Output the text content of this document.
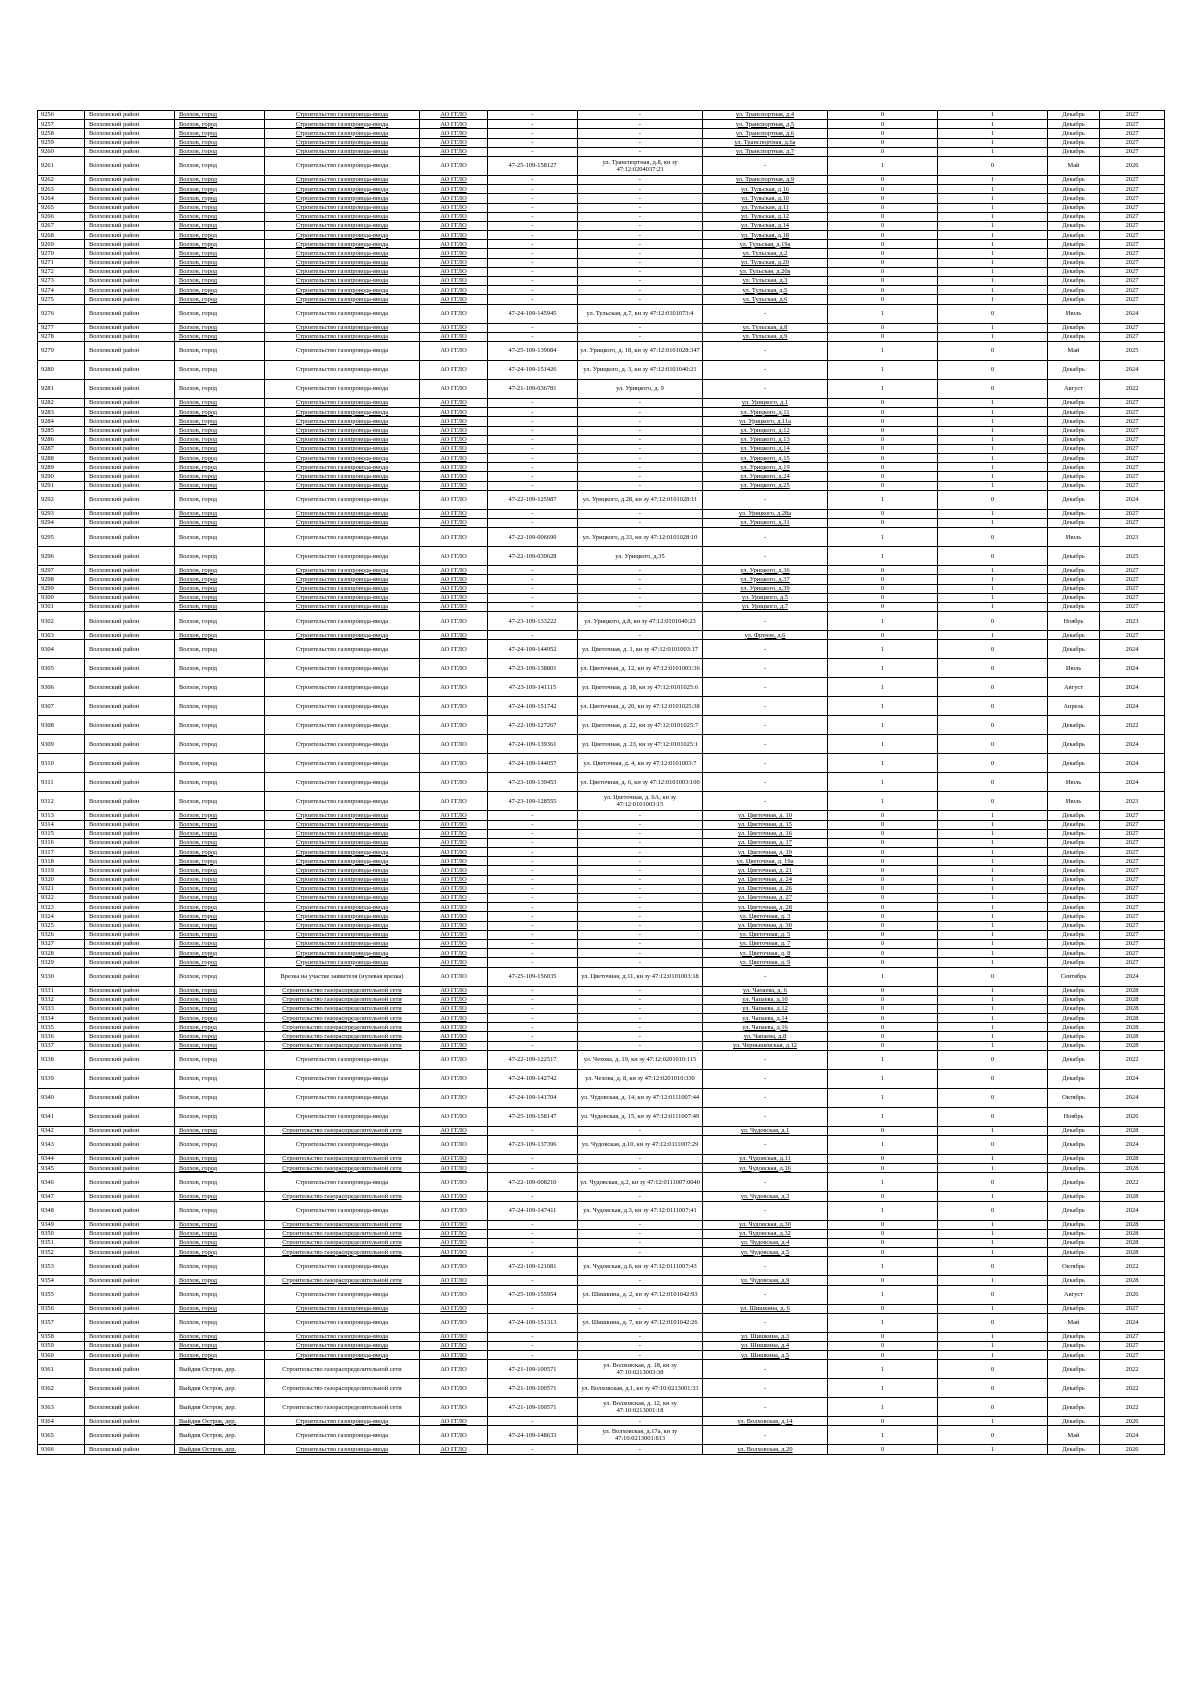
9256	Волховский район	Волхов, город	Строительство газопровода-ввода	АО ГГЛО	-	-	ул. Транспортная, д.4	0	1	Декабрь	2027
9257	Волховский район	Волхов, город	Строительство газопровода-ввода	АО ГГЛО	-	-	ул. Транспортная, д.5	0	1	Декабрь	2027
9258	Волховский район	Волхов, город	Строительство газопровода-ввода	АО ГГЛО	-	-	ул. Транспортная, д.6	0	1	Декабрь	2027
9259	Волховский район	Волхов, город	Строительство газопровода-ввода	АО ГГЛО	-	-	ул. Транспортная, д.6а	0	1	Декабрь	2027
9260	Волховский район	Волхов, город	Строительство газопровода-ввода	АО ГГЛО	-	-	ул. Транспортная, д.7	0	1	Декабрь	2027
9261	Волховский район	Волхов, город	Строительство газопровода-ввода	АО ГГЛО	47-25-109-158127	ул. Транспортная, д.8, кн зу 47:12:0204037:23	-	1	0	Май	2026
9262	Волховский район	Волхов, город	Строительство газопровода-ввода	АО ГГЛО	-	-	ул. Транспортная, д.9	0	1	Декабрь	2027
9263	Волховский район	Волхов, город	Строительство газопровода-ввода	АО ГГЛО	-	-	ул. Тульская, д.16	0	1	Декабрь	2027
9264	Волховский район	Волхов, город	Строительство газопровода-ввода	АО ГГЛО	-	-	ул. Тульская, д.10	0	1	Декабрь	2027
9265	Волховский район	Волхов, город	Строительство газопровода-ввода	АО ГГЛО	-	-	ул. Тульская, д.11	0	1	Декабрь	2027
9266	Волховский район	Волхов, город	Строительство газопровода-ввода	АО ГГЛО	-	-	ул. Тульская, д.12	0	1	Декабрь	2027
9267	Волховский район	Волхов, город	Строительство газопровода-ввода	АО ГГЛО	-	-	ул. Тульская, д.14	0	1	Декабрь	2027
9268	Волховский район	Волхов, город	Строительство газопровода-ввода	АО ГГЛО	-	-	ул. Тульская, д.18	0	1	Декабрь	2027
9269	Волховский район	Волхов, город	Строительство газопровода-ввода	АО ГГЛО	-	-	ул. Тульская, д.19а	0	1	Декабрь	2027
9270	Волховский район	Волхов, город	Строительство газопровода-ввода	АО ГГЛО	-	-	ул. Тульская, д.2	0	1	Декабрь	2027
9271	Волховский район	Волхов, город	Строительство газопровода-ввода	АО ГГЛО	-	-	ул. Тульская, д.20	0	1	Декабрь	2027
9272	Волховский район	Волхов, город	Строительство газопровода-ввода	АО ГГЛО	-	-	ул. Тульская, д.20а	0	1	Декабрь	2027
9273	Волховский район	Волхов, город	Строительство газопровода-ввода	АО ГГЛО	-	-	ул. Тульская, д.3	0	1	Декабрь	2027
9274	Волховский район	Волхов, город	Строительство газопровода-ввода	АО ГГЛО	-	-	ул. Тульская, д.5	0	1	Декабрь	2027
9275	Волховский район	Волхов, город	Строительство газопровода-ввода	АО ГГЛО	-	-	ул. Тульская, д.6	0	1	Декабрь	2027
9276	Волховский район	Волхов, город	Строительство газопровода-ввода	АО ГГЛО	47-24-109-145945	ул. Тульская, д.7, кн зу 47:12:0101073:4	-	1	0	Июль	2024
9277	Волховский район	Волхов, город	Строительство газопровода-ввода	АО ГГЛО	-	-	ул. Тульская, д.8	0	1	Декабрь	2027
9278	Волховский район	Волхов, город	Строительство газопровода-ввода	АО ГГЛО	-	-	ул. Тульская, д.9	0	1	Декабрь	2027
9279	Волховский район	Волхов, город	Строительство газопровода-ввода	АО ГГЛО	47-25-109-139084	ул. Урицкого, д. 18, кн зу 47:12:0101028:347	-	1	0	Май	2025
9280	Волховский район	Волхов, город	Строительство газопровода-ввода	АО ГГЛО	47-24-109-151426	ул. Урицкого, д. 3, кн зу 47:12:0101040:21	-	1	0	Декабрь	2024
9281	Волховский район	Волхов, город	Строительство газопровода-ввода	АО ГГЛО	47-21-109-036781	ул. Урицкого, д. 9	-	1	0	Август	2022
9282	Волховский район	Волхов, город	Строительство газопровода-ввода	АО ГГЛО	-	-	ул. Урицкого, д.1	0	1	Декабрь	2027
9283	Волховский район	Волхов, город	Строительство газопровода-ввода	АО ГГЛО	-	-	ул. Урицкого, д.11	0	1	Декабрь	2027
9284	Волховский район	Волхов, город	Строительство газопровода-ввода	АО ГГЛО	-	-	ул. Урицкого, д.11а	0	1	Декабрь	2027
9285	Волховский район	Волхов, город	Строительство газопровода-ввода	АО ГГЛО	-	-	ул. Урицкого, д.12	0	1	Декабрь	2027
9286	Волховский район	Волхов, город	Строительство газопровода-ввода	АО ГГЛО	-	-	ул. Урицкого, д.13	0	1	Декабрь	2027
9287	Волховский район	Волхов, город	Строительство газопровода-ввода	АО ГГЛО	-	-	ул. Урицкого, д.14	0	1	Декабрь	2027
9288	Волховский район	Волхов, город	Строительство газопровода-ввода	АО ГГЛО	-	-	ул. Урицкого, д.15	0	1	Декабрь	2027
9289	Волховский район	Волхов, город	Строительство газопровода-ввода	АО ГГЛО	-	-	ул. Урицкого, д.19	0	1	Декабрь	2027
9290	Волховский район	Волхов, город	Строительство газопровода-ввода	АО ГГЛО	-	-	ул. Урицкого, д.24	0	1	Декабрь	2027
9291	Волховский район	Волхов, город	Строительство газопровода-ввода	АО ГГЛО	-	-	ул. Урицкого, д.25	0	1	Декабрь	2027
9292	Волховский район	Волхов, город	Строительство газопровода-ввода	АО ГГЛО	47-22-109-125987	ул. Урицкого, д.28, кн зу 47:12:0101028:11	-	1	0	Декабрь	2024
9293	Волховский район	Волхов, город	Строительство газопровода-ввода	АО ГГЛО	-	-	ул. Урицкого, д.28а	0	1	Декабрь	2027
9294	Волховский район	Волхов, город	Строительство газопровода-ввода	АО ГГЛО	-	-	ул. Урицкого, д.31	0	1	Декабрь	2027
9295	Волховский район	Волхов, город	Строительство газопровода-ввода	АО ГГЛО	47-22-109-006690	ул. Урицкого, д.33, кн зу 47:12:0101028:10	-	1	0	Июль	2023
9296	Волховский район	Волхов, город	Строительство газопровода-ввода	АО ГГЛО	47-22-109-039628	ул. Урицкого, д.35	-	1	0	Декабрь	2025
9297	Волховский район	Волхов, город	Строительство газопровода-ввода	АО ГГЛО	-	-	ул. Урицкого, д.36	0	1	Декабрь	2027
9298	Волховский район	Волхов, город	Строительство газопровода-ввода	АО ГГЛО	-	-	ул. Урицкого, д.37	0	1	Декабрь	2027
9299	Волховский район	Волхов, город	Строительство газопровода-ввода	АО ГГЛО	-	-	ул. Урицкого, д.39	0	1	Декабрь	2027
9300	Волховский район	Волхов, город	Строительство газопровода-ввода	АО ГГЛО	-	-	ул. Урицкого, д.5	0	1	Декабрь	2027
9301	Волховский район	Волхов, город	Строительство газопровода-ввода	АО ГГЛО	-	-	ул. Урицкого, д.7	0	1	Декабрь	2027
9302	Волховский район	Волхов, город	Строительство газопровода-ввода	АО ГГЛО	47-23-109-133222	ул. Урицкого, д.8, кн зу 47:12:0101040:23	-	1	0	Ноябрь	2023
9303	Волховский район	Волхов, город	Строительство газопровода-ввода	АО ГГЛО	-	-	ул. Фрунзе, д.6	0	1	Декабрь	2027
9304	Волховский район	Волхов, город	Строительство газопровода-ввода	АО ГГЛО	47-24-109-144952	ул. Цветочная, д. 1, кн зу 47:12:0101003:17	-	1	0	Декабрь	2024
9305	Волховский район	Волхов, город	Строительство газопровода-ввода	АО ГГЛО	47-23-109-138801	ул. Цветочная, д. 12, кн зу 47:12:0101003:36	-	1	0	Июль	2024
9306	Волховский район	Волхов, город	Строительство газопровода-ввода	АО ГГЛО	47-23-109-141115	ул. Цветочная, д. 18, кн зу 47:12:0101025:6	-	1	0	Август	2024
9307	Волховский район	Волхов, город	Строительство газопровода-ввода	АО ГГЛО	47-24-109-151742	ул. Цветочная, д. 20, кн зу 47:12:0101025:38	-	1	0	Апрель	2024
9308	Волховский район	Волхов, город	Строительство газопровода-ввода	АО ГГЛО	47-22-109-127267	ул. Цветочная, д. 22, кн зу 47:12:0101025:7	-	1	0	Декабрь	2022
9309	Волховский район	Волхов, город	Строительство газопровода-ввода	АО ГГЛО	47-24-109-139361	ул. Цветочная, д. 23, кн зу 47:12:0101025:1	-	1	0	Декабрь	2024
9310	Волховский район	Волхов, город	Строительство газопровода-ввода	АО ГГЛО	47-24-109-144057	ул. Цветочная, д. 4, кн зу 47:12:0101003:7	-	1	0	Декабрь	2024
9311	Волховский район	Волхов, город	Строительство газопровода-ввода	АО ГГЛО	47-23-109-139453	ул. Цветочная, д. 6, кн зу 47:12:0101003:100	-	1	0	Июль	2024
9312	Волховский район	Волхов, город	Строительство газопровода-ввода	АО ГГЛО	47-23-109-128555	ул. Цветочная, д. 6А, кн зу 47:12:0101003:15	-	1	0	Июль	2023
9313	Волховский район	Волхов, город	Строительство газопровода-ввода	АО ГГЛО	-	-	ул. Цветочная, д. 10	0	1	Декабрь	2027
9314	Волховский район	Волхов, город	Строительство газопровода-ввода	АО ГГЛО	-	-	ул. Цветочная, д. 15	0	1	Декабрь	2027
9315	Волховский район	Волхов, город	Строительство газопровода-ввода	АО ГГЛО	-	-	ул. Цветочная, д. 16	0	1	Декабрь	2027
9316	Волховский район	Волхов, город	Строительство газопровода-ввода	АО ГГЛО	-	-	ул. Цветочная, д. 17	0	1	Декабрь	2027
9317	Волховский район	Волхов, город	Строительство газопровода-ввода	АО ГГЛО	-	-	ул. Цветочная, д. 19	0	1	Декабрь	2027
9318	Волховский район	Волхов, город	Строительство газопровода-ввода	АО ГГЛО	-	-	ул. Цветочная, д. 19а	0	1	Декабрь	2027
9319	Волховский район	Волхов, город	Строительство газопровода-ввода	АО ГГЛО	-	-	ул. Цветочная, д. 21	0	1	Декабрь	2027
9320	Волховский район	Волхов, город	Строительство газопровода-ввода	АО ГГЛО	-	-	ул. Цветочная, д. 24	0	1	Декабрь	2027
9321	Волховский район	Волхов, город	Строительство газопровода-ввода	АО ГГЛО	-	-	ул. Цветочная, д. 26	0	1	Декабрь	2027
9322	Волховский район	Волхов, город	Строительство газопровода-ввода	АО ГГЛО	-	-	ул. Цветочная, д. 27	0	1	Декабрь	2027
9323	Волховский район	Волхов, город	Строительство газопровода-ввода	АО ГГЛО	-	-	ул. Цветочная, д. 28	0	1	Декабрь	2027
9324	Волховский район	Волхов, город	Строительство газопровода-ввода	АО ГГЛО	-	-	ул. Цветочная, д. 3	0	1	Декабрь	2027
9325	Волховский район	Волхов, город	Строительство газопровода-ввода	АО ГГЛО	-	-	ул. Цветочная, д. 30	0	1	Декабрь	2027
9326	Волховский район	Волхов, город	Строительство газопровода-ввода	АО ГГЛО	-	-	ул. Цветочная, д. 5	0	1	Декабрь	2027
9327	Волховский район	Волхов, город	Строительство газопровода-ввода	АО ГГЛО	-	-	ул. Цветочная, д. 7	0	1	Декабрь	2027
9328	Волховский район	Волхов, город	Строительство газопровода-ввода	АО ГГЛО	-	-	ул. Цветочная, д. 8	0	1	Декабрь	2027
9329	Волховский район	Волхов, город	Строительство газопровода-ввода	АО ГГЛО	-	-	ул. Цветочная, д. 9	0	1	Декабрь	2027
9330	Волховский район	Волхов, город	Врезка на участке заявителя (нулевая врезка)	АО ГГЛО	47-25-109-156035	ул. Цветочная, д.11, кн зу 47:12:0101003:18	-	1	0	Сентябрь	2024
9331	Волховский район	Волхов, город	Строительство газораспределительной сети	АО ГГЛО	-	-	ул. Чапаева, д. 6	0	1	Декабрь	2028
9332	Волховский район	Волхов, город	Строительство газораспределительной сети	АО ГГЛО	-	-	ул. Чапаева, д.10	0	1	Декабрь	2028
9333	Волховский район	Волхов, город	Строительство газораспределительной сети	АО ГГЛО	-	-	ул. Чапаева, д.12	0	1	Декабрь	2028
9334	Волховский район	Волхов, город	Строительство газораспределительной сети	АО ГГЛО	-	-	ул. Чапаева, д.14	0	1	Декабрь	2028
9335	Волховский район	Волхов, город	Строительство газораспределительной сети	АО ГГЛО	-	-	ул. Чапаева, д.16	0	1	Декабрь	2028
9336	Волховский район	Волхов, город	Строительство газораспределительной сети	АО ГГЛО	-	-	ул. Чапаева, д.8	0	1	Декабрь	2028
9337	Волховский район	Волхов, город	Строительство газораспределительной сети	АО ГГЛО	-	-	ул. Чернышевская, д.12	0	1	Декабрь	2028
9338	Волховский район	Волхов, город	Строительство газопровода-ввода	АО ГГЛО	47-22-109-122517	ул. Чехова, д. 19, кн зу 47:12:0201010:115	-	1	0	Декабрь	2022
9339	Волховский район	Волхов, город	Строительство газопровода-ввода	АО ГГЛО	47-24-109-142742	ул. Чехова, д. 8, кн зу 47:12:0201010:330	-	1	0	Декабрь	2024
9340	Волховский район	Волхов, город	Строительство газопровода-ввода	АО ГГЛО	47-24-109-141704	ул. Чудовская, д. 14, кн зу 47:12:0111007:44	-	1	0	Октябрь	2024
9341	Волховский район	Волхов, город	Строительство газопровода-ввода	АО ГГЛО	47-25-109-158147	ул. Чудовская, д. 15, кн зу 47:12:0111007:49	-	1	0	Ноябрь	2026
9342	Волховский район	Волхов, город	Строительство газораспределительной сети	АО ГГЛО	-	-	ул. Чудовская, д.1	0	1	Декабрь	2028
9343	Волховский район	Волхов, город	Строительство газопровода-ввода	АО ГГЛО	47-23-109-137396	ул. Чудовская, д.10, кн зу 47:12:0111007:29	-	1	0	Декабрь	2024
9344	Волховский район	Волхов, город	Строительство газораспределительной сети	АО ГГЛО	-	-	ул. Чудовская, д.11	0	1	Декабрь	2028
9345	Волховский район	Волхов, город	Строительство газораспределительной сети	АО ГГЛО	-	-	ул. Чудовская, д.16	0	1	Декабрь	2028
9346	Волховский район	Волхов, город	Строительство газопровода-ввода	АО ГГЛО	47-22-109-008210	ул. Чудовская, д.2, кн зу 47:12:0111007:0040	-	1	0	Декабрь	2022
9347	Волховский район	Волхов, город	Строительство газораспределительной сети	АО ГГЛО	-	-	ул. Чудовская, д.3	0	1	Декабрь	2028
9348	Волховский район	Волхов, город	Строительство газопровода-ввода	АО ГГЛО	47-24-109-147411	ул. Чудовская, д.3, кн зу 47:12:0111007:41	-	1	0	Декабрь	2024
9349	Волховский район	Волхов, город	Строительство газораспределительной сети	АО ГГЛО	-	-	ул. Чудовская, д.30	0	1	Декабрь	2028
9350	Волховский район	Волхов, город	Строительство газораспределительной сети	АО ГГЛО	-	-	ул. Чудовская, д.32	0	1	Декабрь	2028
9351	Волховский район	Волхов, город	Строительство газораспределительной сети	АО ГГЛО	-	-	ул. Чудовская, д.4	0	1	Декабрь	2028
9352	Волховский район	Волхов, город	Строительство газораспределительной сети	АО ГГЛО	-	-	ул. Чудовская, д.5	0	1	Декабрь	2028
9353	Волховский район	Волхов, город	Строительство газопровода-ввода	АО ГГЛО	47-22-109-121081	ул. Чудовская, д.6, кн зу 47:12:0111007:43	-	1	0	Октябрь	2022
9354	Волховский район	Волхов, город	Строительство газораспределительной сети	АО ГГЛО	-	-	ул. Чудовская, д.9	0	1	Декабрь	2028
9355	Волховский район	Волхов, город	Строительство газопровода-ввода	АО ГГЛО	47-25-109-155954	ул. Шишкина, д. 2, кн зу 47:12:0101042:93	-	1	0	Август	2026
9356	Волховский район	Волхов, город	Строительство газопровода-ввода	АО ГГЛО	-	-	ул. Шишкина, д. 6	0	1	Декабрь	2027
9357	Волховский район	Волхов, город	Строительство газопровода-ввода	АО ГГЛО	47-24-109-151313	ул. Шишкина, д. 7, кн зу 47:12:0101042:26	-	1	0	Май	2024
9358	Волховский район	Волхов, город	Строительство газопровода-ввода	АО ГГЛО	-	-	ул. Шишкина, д.3	0	1	Декабрь	2027
9359	Волховский район	Волхов, город	Строительство газопровода-ввода	АО ГГЛО	-	-	ул. Шишкина, д.4	0	1	Декабрь	2027
9360	Волховский район	Волхов, город	Строительство газопровода-ввода	АО ГГЛО	-	-	ул. Шишкина, д.5	0	1	Декабрь	2027
9361	Волховский район	Выйдия Остров, дер.	Строительство газораспределительной сети	АО ГГЛО	47-21-109-100571	ул. Волховская, д. 18, кн зу 47:10:0213003:38	-	1	0	Декабрь	2022
9362	Волховский район	Выйдия Остров, дер.	Строительство газораспределительной сети	АО ГГЛО	47-21-109-100571	ул. Волховская, д.1, кн зу 47:10:0213001:33	-	1	0	Декабрь	2022
9363	Волховский район	Выйдия Остров, дер.	Строительство газораспределительной сети	АО ГГЛО	47-21-109-100571	ул. Волховская, д. 12, кн зу 47:10:0213001:18	-	1	0	Декабрь	2022
9364	Волховский район	Выйдия Остров, дер.	Строительство газопровода-ввода	АО ГГЛО	-	-	ул. Волховская, д.14	0	1	Декабрь	2026
9365	Волховский район	Выйдия Остров, дер.	Строительство газопровода-ввода	АО ГГЛО	47-24-109-148633	ул. Волховская, д.17а, кн зу 47:10:0213001:813	-	1	0	Май	2024
9366	Волховский район	Выйдия Остров, дер.	Строительство газопровода-ввода	АО ГГЛО	-	-	ул. Волховская, д.20	0	1	Декабрь	2026
